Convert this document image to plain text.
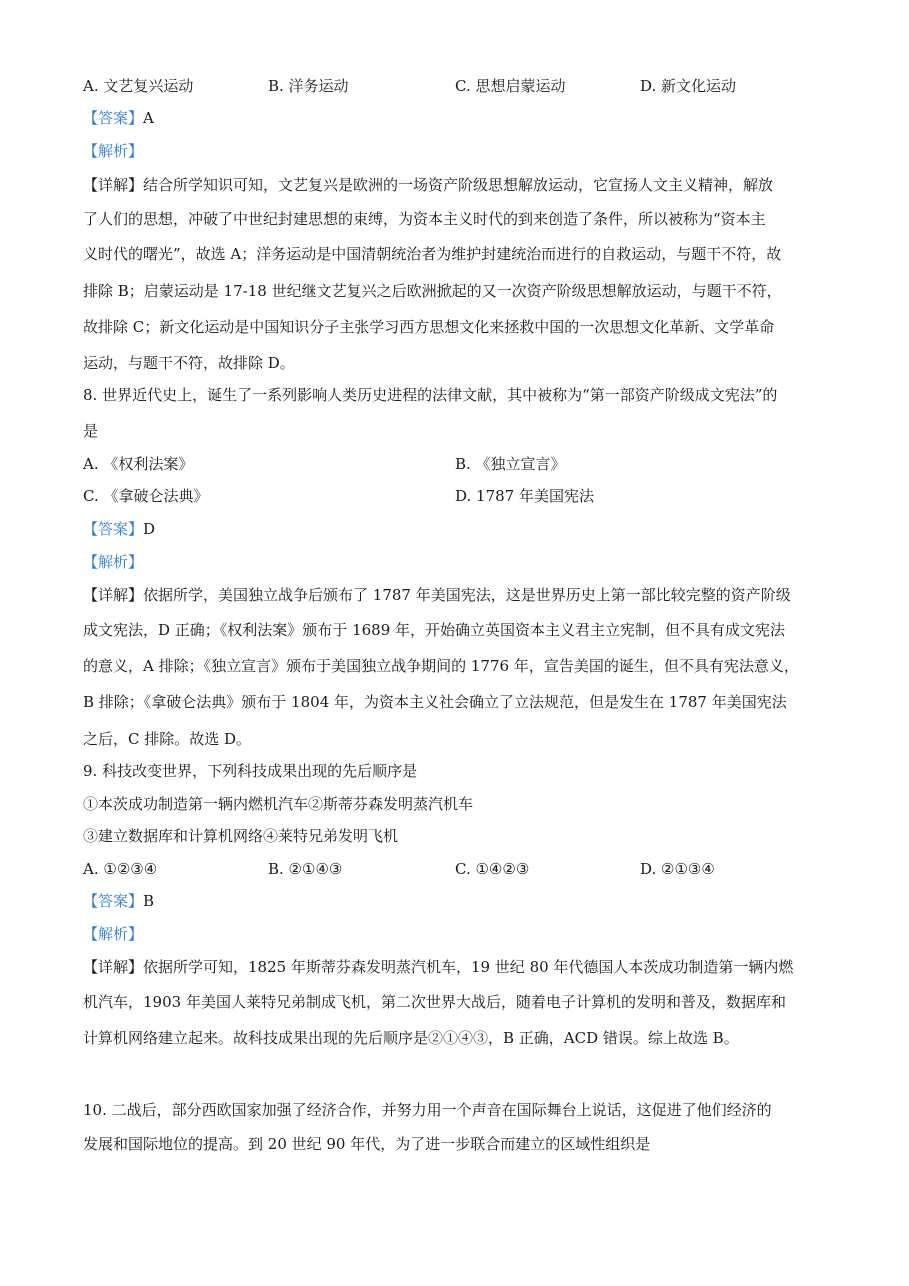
A. 文艺复兴运动	B. 洋务运动	C. 思想启蒙运动	D. 新文化运动
【答案】A
【解析】
【详解】结合所学知识可知，文艺复兴是欧洲的一场资产阶级思想解放运动，它宣扬人文主义精神，解放
了人们的思想，冲破了中世纪封建思想的束缚，为资本主义时代的到来创造了条件，所以被称为“资本主
义时代的曙光”，故选 A；洋务运动是中国清朝统治者为维护封建统治而进行的自救运动，与题干不符，故
排除 B；启蒙运动是 17-18 世纪继文艺复兴之后欧洲掀起的又一次资产阶级思想解放运动，与题干不符，
故排除 C；新文化运动是中国知识分子主张学习西方思想文化来拯救中国的一次思想文化革新、文学革命
运动，与题干不符，故排除 D。
8. 世界近代史上，诞生了一系列影响人类历史进程的法律文献，其中被称为“第一部资产阶级成文宪法”的
是
A. 《权利法案》	B. 《独立宣言》
C. 《拿破仑法典》	D. 1787 年美国宪法
【答案】D
【解析】
【详解】依据所学，美国独立战争后颁布了 1787 年美国宪法，这是世界历史上第一部比较完整的资产阶级
成文宪法，D 正确；《权利法案》颁布于 1689 年，开始确立英国资本主义君主立宪制，但不具有成文宪法
的意义，A 排除；《独立宣言》颁布于美国独立战争期间的 1776 年，宣告美国的诞生，但不具有宪法意义，
B 排除；《拿破仑法典》颁布于 1804 年，为资本主义社会确立了立法规范，但是发生在 1787 年美国宪法
之后，C 排除。故选 D。
9. 科技改变世界，下列科技成果出现的先后顺序是
①本茨成功制造第一辆内燃机汽车②斯蒂芬森发明蒸汽机车
③建立数据库和计算机网络④莱特兄弟发明飞机
A. ①②③④	B. ②①④③	C. ①④②③	D. ②①③④
【答案】B
【解析】
【详解】依据所学可知，1825 年斯蒂芬森发明蒸汽机车，19 世纪 80 年代德国人本茨成功制造第一辆内燃
机汽车，1903 年美国人莱特兄弟制成飞机，第二次世界大战后，随着电子计算机的发明和普及，数据库和
计算机网络建立起来。故科技成果出现的先后顺序是②①④③，B 正确，ACD 错误。综上故选 B。
10. 二战后，部分西欧国家加强了经济合作，并努力用一个声音在国际舞台上说话，这促进了他们经济的
发展和国际地位的提高。到 20 世纪 90 年代，为了进一步联合而建立的区域性组织是
